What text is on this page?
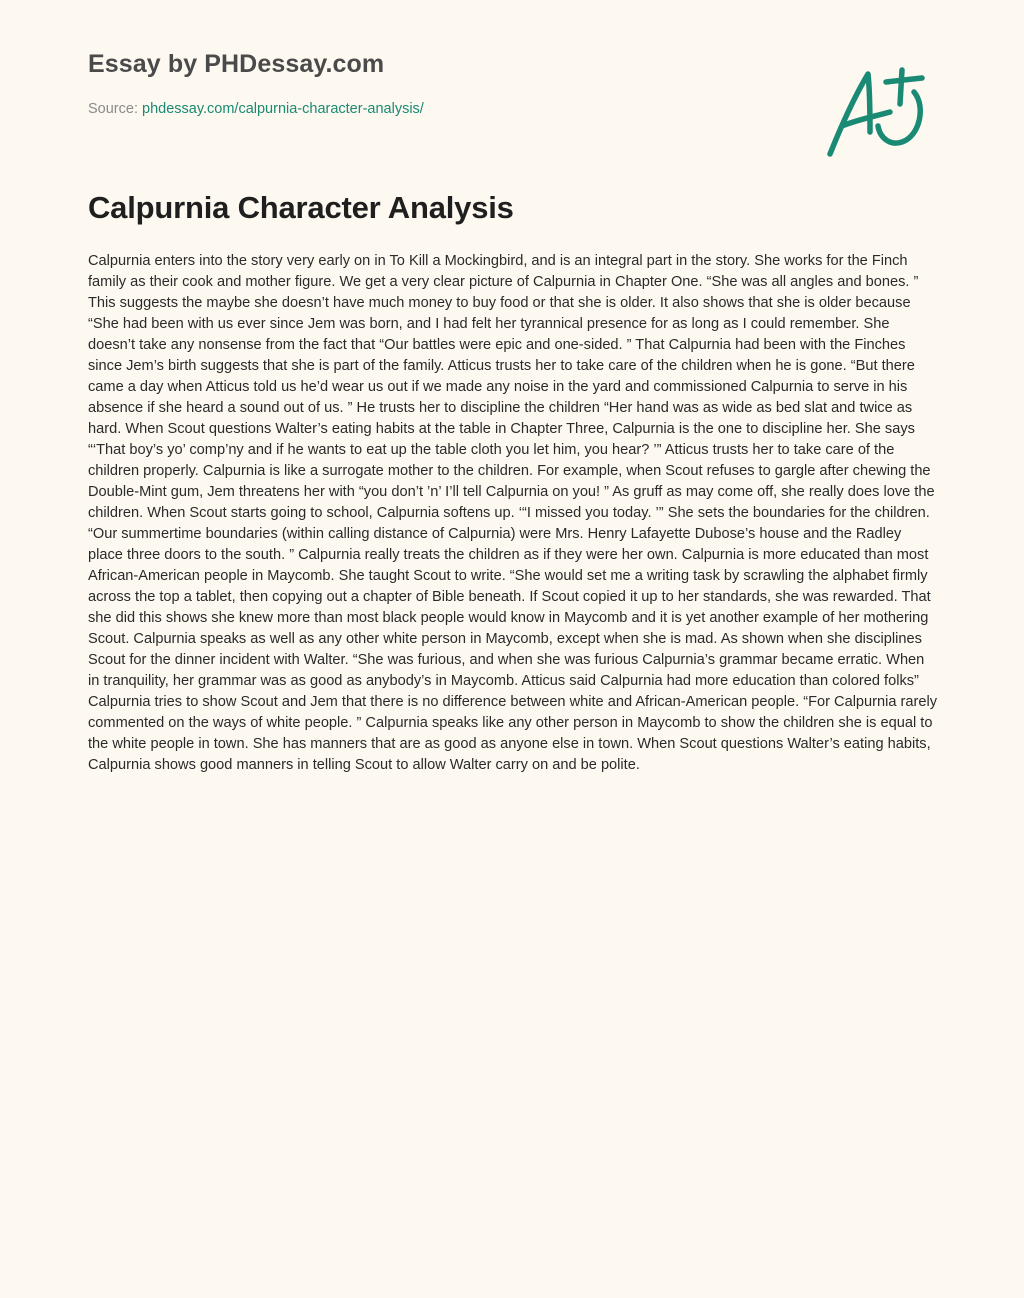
Essay by PHDessay.com
Source: phdessay.com/calpurnia-character-analysis/
Calpurnia Character Analysis

Calpurnia enters into the story very early on in To Kill a Mockingbird, and is an integral part in the story. She works for the Finch family as their cook and mother figure. We get a very clear picture of Calpurnia in Chapter One. “She was all angles and bones. ” This suggests the maybe she doesn’t have much money to buy food or that she is older. It also shows that she is older because “She had been with us ever since Jem was born, and I had felt her tyrannical presence for as long as I could remember. She doesn’t take any nonsense from the fact that “Our battles were epic and one-sided. ” That Calpurnia had been with the Finches since Jem’s birth suggests that she is part of the family. Atticus trusts her to take care of the children when he is gone. “But there came a day when Atticus told us he’d wear us out if we made any noise in the yard and commissioned Calpurnia to serve in his absence if she heard a sound out of us. ” He trusts her to discipline the children “Her hand was as wide as bed slat and twice as hard. When Scout questions Walter’s eating habits at the table in Chapter Three, Calpurnia is the one to discipline her. She says “‘That boy’s yo’ comp’ny and if he wants to eat up the table cloth you let him, you hear? ’” Atticus trusts her to take care of the children properly. Calpurnia is like a surrogate mother to the children. For example, when Scout refuses to gargle after chewing the Double-Mint gum, Jem threatens her with “you don’t ’n’ I’ll tell Calpurnia on you! ” As gruff as may come off, she really does love the children. When Scout starts going to school, Calpurnia softens up. ‘“I missed you today. ’” She sets the boundaries for the children. “Our summertime boundaries (within calling distance of Calpurnia) were Mrs. Henry Lafayette Dubose’s house and the Radley place three doors to the south. ” Calpurnia really treats the children as if they were her own. Calpurnia is more educated than most African-American people in Maycomb. She taught Scout to write. “She would set me a writing task by scrawling the alphabet firmly across the top a tablet, then copying out a chapter of Bible beneath. If Scout copied it up to her standards, she was rewarded. That she did this shows she knew more than most black people would know in Maycomb and it is yet another example of her mothering Scout. Calpurnia speaks as well as any other white person in Maycomb, except when she is mad. As shown when she disciplines Scout for the dinner incident with Walter. “She was furious, and when she was furious Calpurnia’s grammar became erratic. When in tranquility, her grammar was as good as anybody’s in Maycomb. Atticus said Calpurnia had more education than colored folks” Calpurnia tries to show Scout and Jem that there is no difference between white and African-American people. “For Calpurnia rarely commented on the ways of white people. ” Calpurnia speaks like any other person in Maycomb to show the children she is equal to the white people in town. She has manners that are as good as anyone else in town. When Scout questions Walter’s eating habits, Calpurnia shows good manners in telling Scout to allow Walter carry on and be polite.
